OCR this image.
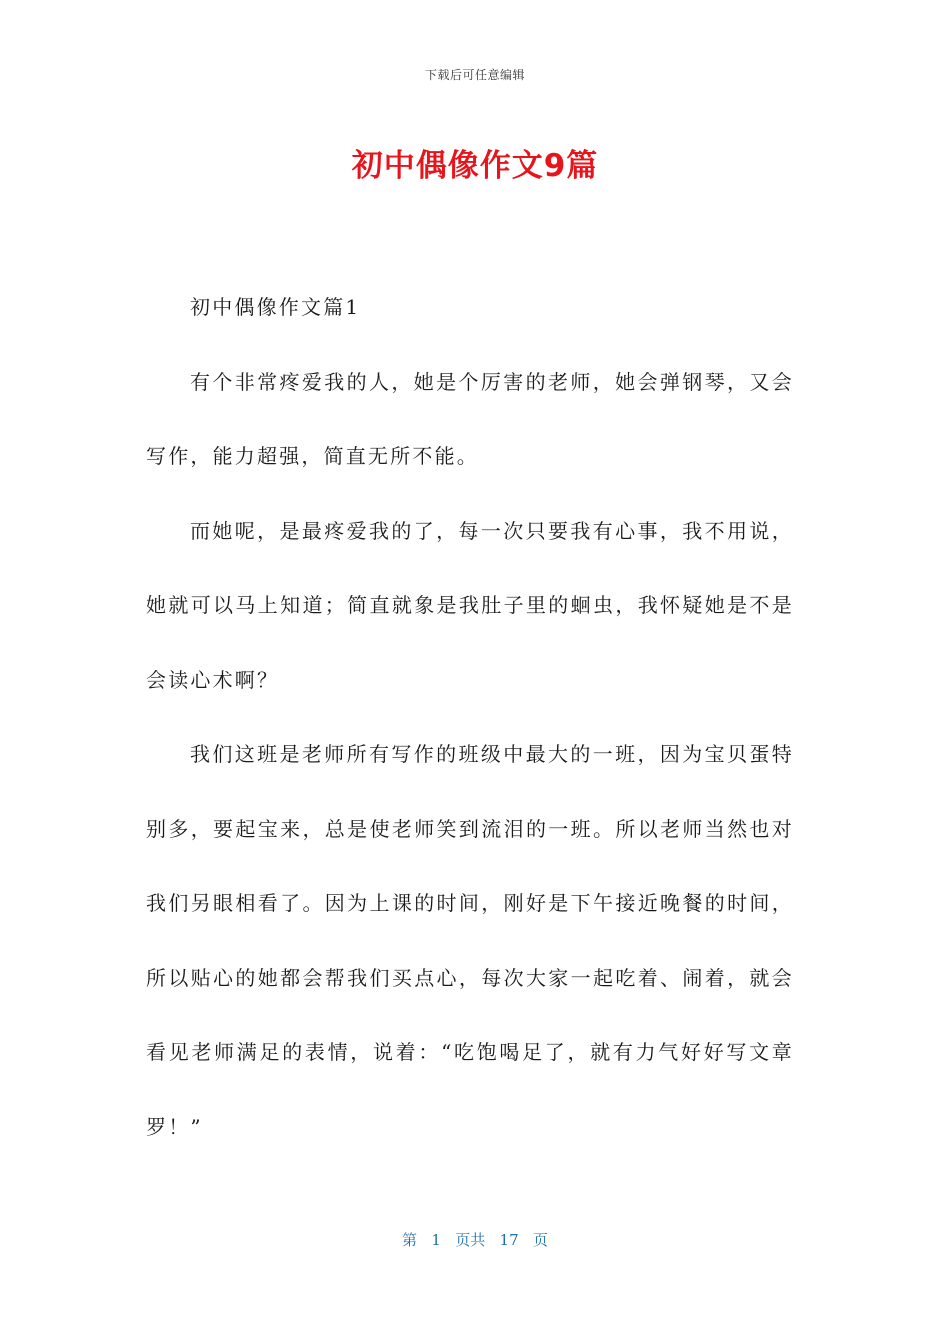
下载后可任意编辑
初中偶像作文9篇

初中偶像作文篇1

有个非常疼爱我的人，她是个厉害的老师，她会弹钢琴，又会写作，能力超强，简直无所不能。

而她呢，是最疼爱我的了，每一次只要我有心事，我不用说，她就可以马上知道；简直就象是我肚子里的蛔虫，我怀疑她是不是会读心术啊？

我们这班是老师所有写作的班级中最大的一班，因为宝贝蛋特别多，要起宝来，总是使老师笑到流泪的一班。所以老师当然也对我们另眼相看了。因为上课的时间，刚好是下午接近晚餐的时间，所以贴心的她都会帮我们买点心，每次大家一起吃着、闹着，就会看见老师满足的表情，说着：“吃饱喝足了，就有力气好好写文章罗！”

第 1 页共 17 页
